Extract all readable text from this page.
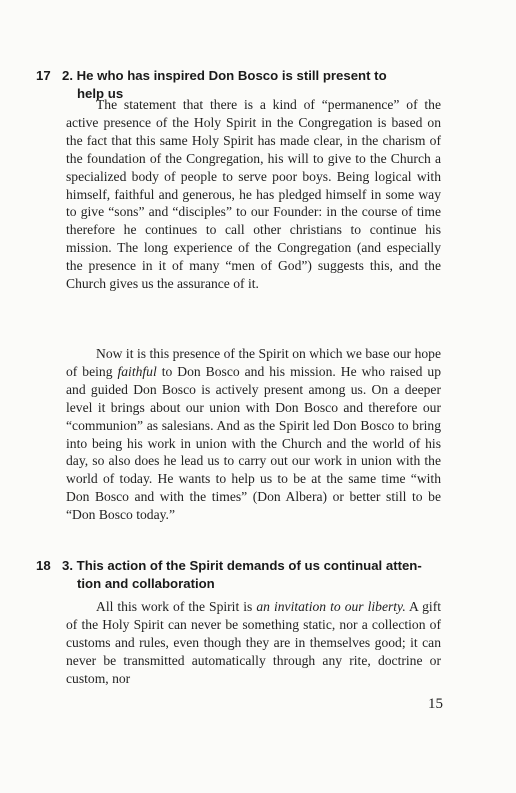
17 2. He who has inspired Don Bosco is still present to
help us

The statement that there is a kind of “permanence” of the active presence of the Holy Spirit in the Congregation is based on the fact that this same Holy Spirit has made clear, in the charism of the foundation of the Congregation, his will to give to the Church a specialized body of people to serve poor boys. Being logical with himself, faithful and generous, he has pledged himself in some way to give “sons” and “disciples” to our Founder: in the course of time therefore he continues to call other christians to continue his mission. The long experience of the Congregation (and especially the presence in it of many “men of God”) suggests this, and the Church gives us the assurance of it.

Now it is this presence of the Spirit on which we base our hope of being faithful to Don Bosco and his mission. He who raised up and guided Don Bosco is actively present among us. On a deeper level it brings about our union with Don Bosco and therefore our “communion” as salesians. And as the Spirit led Don Bosco to bring into being his work in union with the Church and the world of his day, so also does he lead us to carry out our work in union with the world of today. He wants to help us to be at the same time “with Don Bosco and with the times” (Don Albera) or better still to be “Don Bosco today.”

18 3. This action of the Spirit demands of us continual atten-
tion and collaboration

All this work of the Spirit is an invitation to our liberty. A gift of the Holy Spirit can never be something static, nor a collection of customs and rules, even though they are in themselves good; it can never be transmitted automatically through any rite, doctrine or custom, nor

15
